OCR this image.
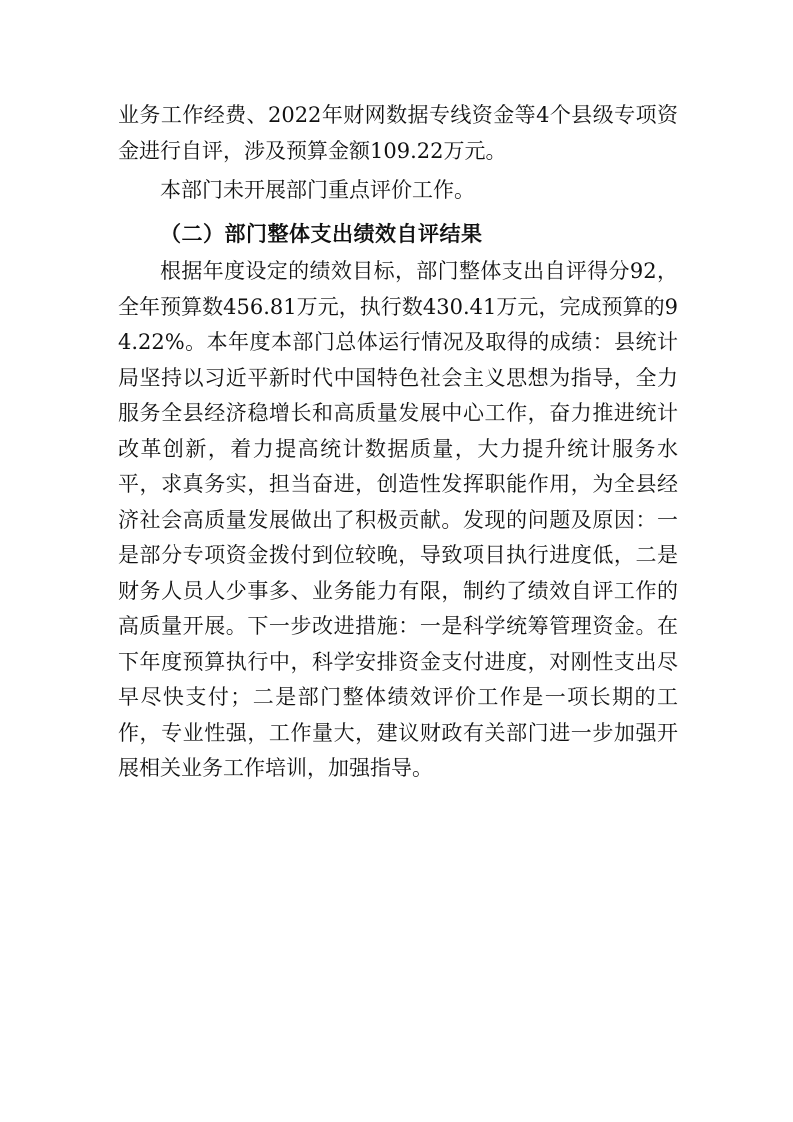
业务工作经费、2022年财网数据专线资金等4个县级专项资金进行自评，涉及预算金额109.22万元。

本部门未开展部门重点评价工作。

（二）部门整体支出绩效自评结果

根据年度设定的绩效目标，部门整体支出自评得分92，全年预算数456.81万元，执行数430.41万元，完成预算的94.22%。本年度本部门总体运行情况及取得的成绩：县统计局坚持以习近平新时代中国特色社会主义思想为指导，全力服务全县经济稳增长和高质量发展中心工作，奋力推进统计改革创新，着力提高统计数据质量，大力提升统计服务水平，求真务实，担当奋进，创造性发挥职能作用，为全县经济社会高质量发展做出了积极贡献。发现的问题及原因：一是部分专项资金拨付到位较晚，导致项目执行进度低，二是财务人员人少事多、业务能力有限，制约了绩效自评工作的高质量开展。下一步改进措施：一是科学统筹管理资金。在下年度预算执行中，科学安排资金支付进度，对刚性支出尽早尽快支付；二是部门整体绩效评价工作是一项长期的工作，专业性强，工作量大，建议财政有关部门进一步加强开展相关业务工作培训，加强指导。
